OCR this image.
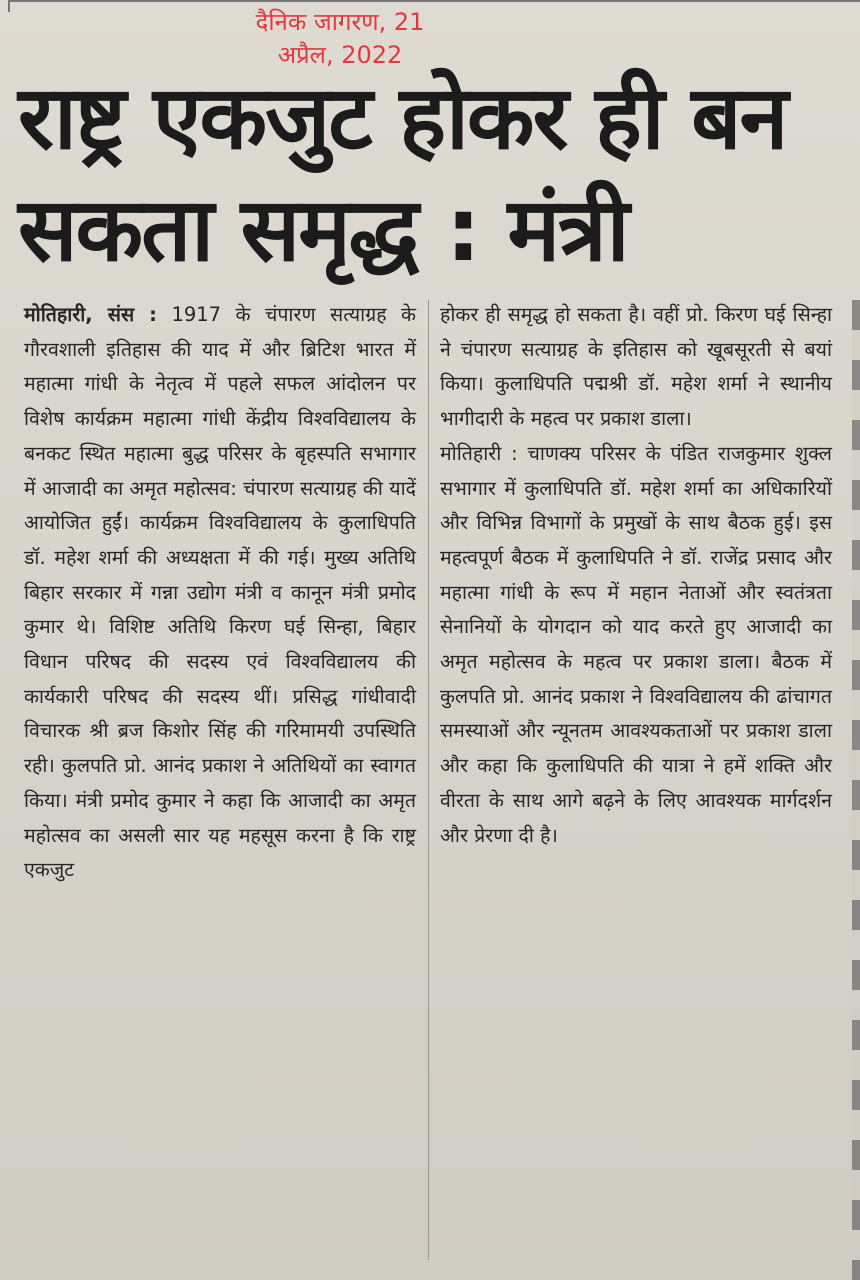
दैनिक जागरण, 21
अप्रैल, 2022
राष्ट्र एकजुट होकर ही बन सकता समृद्ध : मंत्री

मोतिहारी, संस : 1917 के चंपारण सत्याग्रह के गौरवशाली इतिहास की याद में और ब्रिटिश भारत में महात्मा गांधी के नेतृत्व में पहले सफल आंदोलन पर विशेष कार्यक्रम महात्मा गांधी केंद्रीय विश्वविद्यालय के बनकट स्थित महात्मा बुद्ध परिसर के बृहस्पति सभागार में आजादी का अमृत महोत्सव: चंपारण सत्याग्रह की यादें आयोजित हुईं। कार्यक्रम विश्वविद्यालय के कुलाधिपति डॉ. महेश शर्मा की अध्यक्षता में की गई। मुख्य अतिथि बिहार सरकार में गन्ना उद्योग मंत्री व कानून मंत्री प्रमोद कुमार थे। विशिष्ट अतिथि किरण घई सिन्हा, बिहार विधान परिषद की सदस्य एवं विश्वविद्यालय की कार्यकारी परिषद की सदस्य थीं। प्रसिद्ध गांधीवादी विचारक श्री ब्रज किशोर सिंह की गरिमामयी उपस्थिति रही। कुलपति प्रो. आनंद प्रकाश ने अतिथियों का स्वागत किया। मंत्री प्रमोद कुमार ने कहा कि आजादी का अमृत महोत्सव का असली सार यह महसूस करना है कि राष्ट्र एकजुट

होकर ही समृद्ध हो सकता है। वहीं प्रो. किरण घई सिन्हा ने चंपारण सत्याग्रह के इतिहास को खूबसूरती से बयां किया। कुलाधिपति पद्मश्री डॉ. महेश शर्मा ने स्थानीय भागीदारी के महत्व पर प्रकाश डाला।

मोतिहारी : चाणक्य परिसर के पंडित राजकुमार शुक्ल सभागार में कुलाधिपति डॉ. महेश शर्मा का अधिकारियों और विभिन्न विभागों के प्रमुखों के साथ बैठक हुई। इस महत्वपूर्ण बैठक में कुलाधिपति ने डॉ. राजेंद्र प्रसाद और महात्मा गांधी के रूप में महान नेताओं और स्वतंत्रता सेनानियों के योगदान को याद करते हुए आजादी का अमृत महोत्सव के महत्व पर प्रकाश डाला। बैठक में कुलपति प्रो. आनंद प्रकाश ने विश्वविद्यालय की ढांचागत समस्याओं और न्यूनतम आवश्यकताओं पर प्रकाश डाला और कहा कि कुलाधिपति की यात्रा ने हमें शक्ति और वीरता के साथ आगे बढ़ने के लिए आवश्यक मार्गदर्शन और प्रेरणा दी है।
